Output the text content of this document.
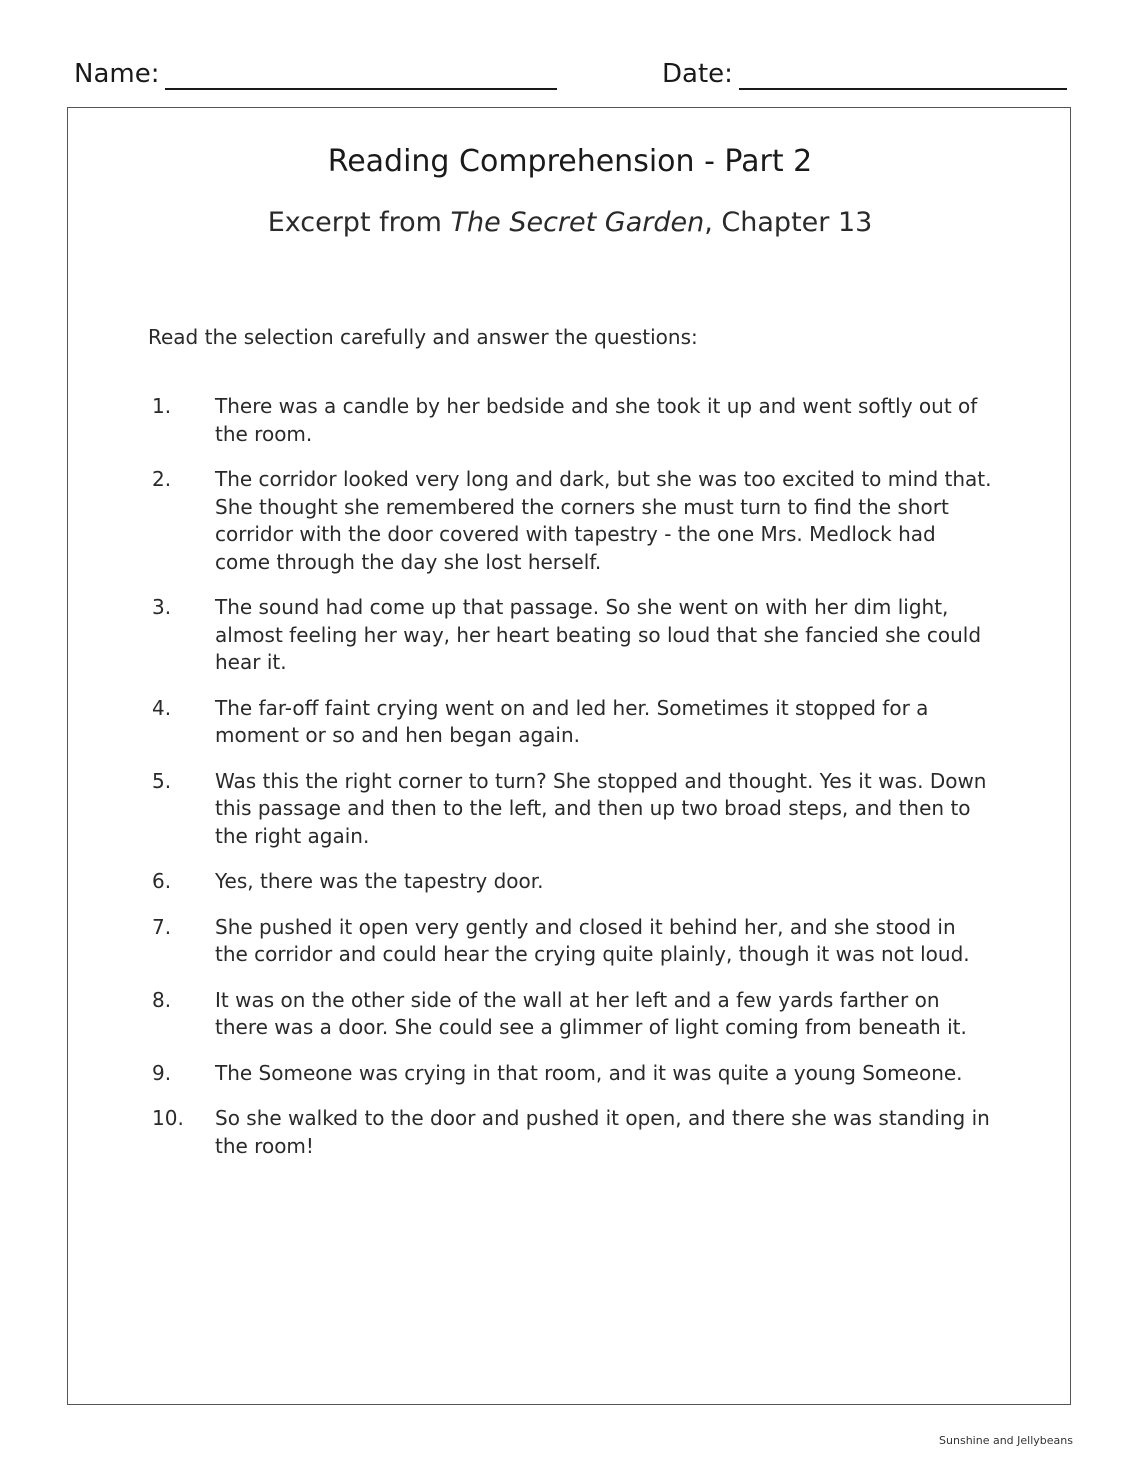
Name:	Date:
Reading Comprehension - Part 2
Excerpt from The Secret Garden, Chapter 13
Read the selection carefully and answer the questions:
1.	There was a candle by her bedside and she took it up and went softly out of the room.
2.	The corridor looked very long and dark, but she was too excited to mind that. She thought she remembered the corners she must turn to find the short corridor with the door covered with tapestry - the one Mrs. Medlock had come through the day she lost herself.
3.	The sound had come up that passage. So she went on with her dim light, almost feeling her way, her heart beating so loud that she fancied she could hear it.
4.	The far-off faint crying went on and led her. Sometimes it stopped for a moment or so and hen began again.
5.	Was this the right corner to turn? She stopped and thought. Yes it was. Down this passage and then to the left, and then up two broad steps, and then to the right again.
6.	Yes, there was the tapestry door.
7.	She pushed it open very gently and closed it behind her, and she stood in the corridor and could hear the crying quite plainly, though it was not loud.
8.	It was on the other side of the wall at her left and a few yards farther on there was a door. She could see a glimmer of light coming from beneath it.
9.	The Someone was crying in that room, and it was quite a young Someone.
10.	So she walked to the door and pushed it open, and there she was standing in the room!
Sunshine and Jellybeans
